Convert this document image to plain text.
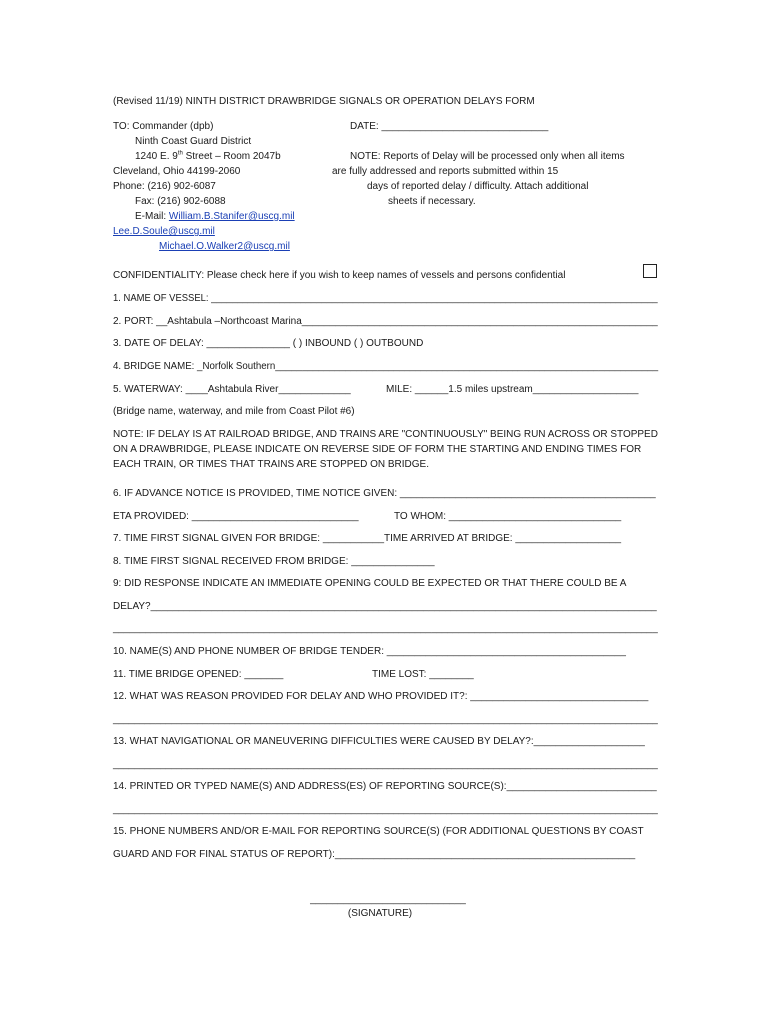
(Revised 11/19) NINTH DISTRICT DRAWBRIDGE SIGNALS OR OPERATION DELAYS FORM
TO: Commander (dpb)
Ninth Coast Guard District
1240 E. 9th Street – Room 2047b
Cleveland, Ohio 44199-2060
Phone: (216) 902-6087
Fax: (216) 902-6088
E-Mail: William.B.Stanifer@uscg.mil
Lee.D.Soule@uscg.mil
Michael.O.Walker2@uscg.mil
DATE: ______________________________
NOTE: Reports of Delay will be processed only when all items
are fully addressed and reports submitted within 15
days of reported delay / difficulty. Attach additional
sheets if necessary.
CONFIDENTIALITY: Please check here if you wish to keep names of vessels and persons confidential
1. NAME OF VESSEL: _____________________________________________________________________________________
2. PORT: __Ashtabula –Northcoast Marina________________________________________________________________
3. DATE OF DELAY: _______________ ( ) INBOUND ( ) OUTBOUND
4. BRIDGE NAME: _Norfolk Southern_______________________________________________________________________
5. WATERWAY: ____Ashtabula River_____________	MILE: ______1.5 miles upstream___________________
(Bridge name, waterway, and mile from Coast Pilot #6)
NOTE: IF DELAY IS AT RAILROAD BRIDGE, AND TRAINS ARE "CONTINUOUSLY" BEING RUN ACROSS OR STOPPED
ON A DRAWBRIDGE, PLEASE INDICATE ON REVERSE SIDE OF FORM THE STARTING AND ENDING TIMES FOR
EACH TRAIN, OR TIMES THAT TRAINS ARE STOPPED ON BRIDGE.
6. IF ADVANCE NOTICE IS PROVIDED, TIME NOTICE GIVEN: ______________________________________________
ETA PROVIDED: ______________________________	TO WHOM: _______________________________
7. TIME FIRST SIGNAL GIVEN FOR BRIDGE: ___________TIME ARRIVED AT BRIDGE: ___________________
8. TIME FIRST SIGNAL RECEIVED FROM BRIDGE: _______________
9: DID RESPONSE INDICATE AN IMMEDIATE OPENING COULD BE EXPECTED OR THAT THERE COULD BE A
DELAY?___________________________________________________________________________________________
_____________________________________________________________________________________________________
10. NAME(S) AND PHONE NUMBER OF BRIDGE TENDER: ___________________________________________
11. TIME BRIDGE OPENED: _______	TIME LOST: ________
12. WHAT WAS REASON PROVIDED FOR DELAY AND WHO PROVIDED IT?: ________________________________
_______________________________________________________________________________________________________
13. WHAT NAVIGATIONAL OR MANEUVERING DIFFICULTIES WERE CAUSED BY DELAY?:____________________
_______________________________________________________________________________________________________
14. PRINTED OR TYPED NAME(S) AND ADDRESS(ES) OF REPORTING SOURCE(S):___________________________
_______________________________________________________________________________________________________
15. PHONE NUMBERS AND/OR E-MAIL FOR REPORTING SOURCE(S) (FOR ADDITIONAL QUESTIONS BY COAST
GUARD AND FOR FINAL STATUS OF REPORT):______________________________________________________
____________________________
(SIGNATURE)
